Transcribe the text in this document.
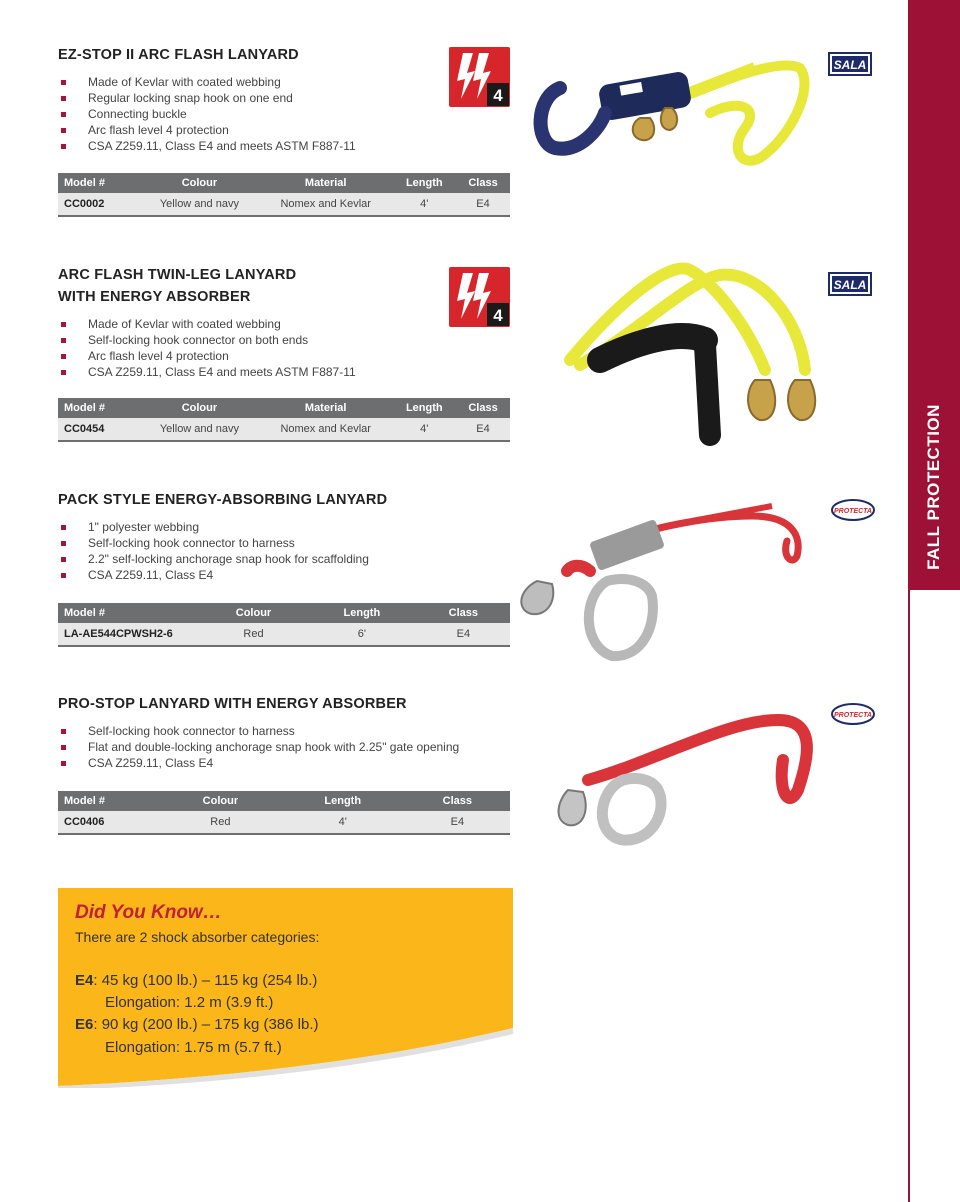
FALL PROTECTION
EZ-STOP II ARC FLASH LANYARD
Made of Kevlar with coated webbing
Regular locking snap hook on one end
Connecting buckle
Arc flash level 4 protection
CSA Z259.11, Class E4 and meets ASTM F887-11
Model #	Colour	Material	Length	Class
CC0002	Yellow and navy	Nomex and Kevlar	4'	E4
4
SALA
ARC FLASH TWIN-LEG LANYARD WITH ENERGY ABSORBER
Made of Kevlar with coated webbing
Self-locking hook connector on both ends
Arc flash level 4 protection
CSA Z259.11, Class E4 and meets ASTM F887-11
Model #	Colour	Material	Length	Class
CC0454	Yellow and navy	Nomex and Kevlar	4'	E4
4
SALA
PACK STYLE ENERGY-ABSORBING LANYARD
1" polyester webbing
Self-locking hook connector to harness
2.2" self-locking anchorage snap hook for scaffolding
CSA Z259.11, Class E4
Model #	Colour	Length	Class
LA-AE544CPWSH2-6	Red	6'	E4
PROTECTA
PRO-STOP LANYARD WITH ENERGY ABSORBER
Self-locking hook connector to harness
Flat and double-locking anchorage snap hook with 2.25" gate opening
CSA Z259.11, Class E4
Model #	Colour	Length	Class
CC0406	Red	4'	E4
PROTECTA
Did You Know…
There are 2 shock absorber categories:
E4: 45 kg (100 lb.) – 115 kg (254 lb.)
Elongation: 1.2 m (3.9 ft.)
E6: 90 kg (200 lb.) – 175 kg (386 lb.)
Elongation: 1.75 m (5.7 ft.)
